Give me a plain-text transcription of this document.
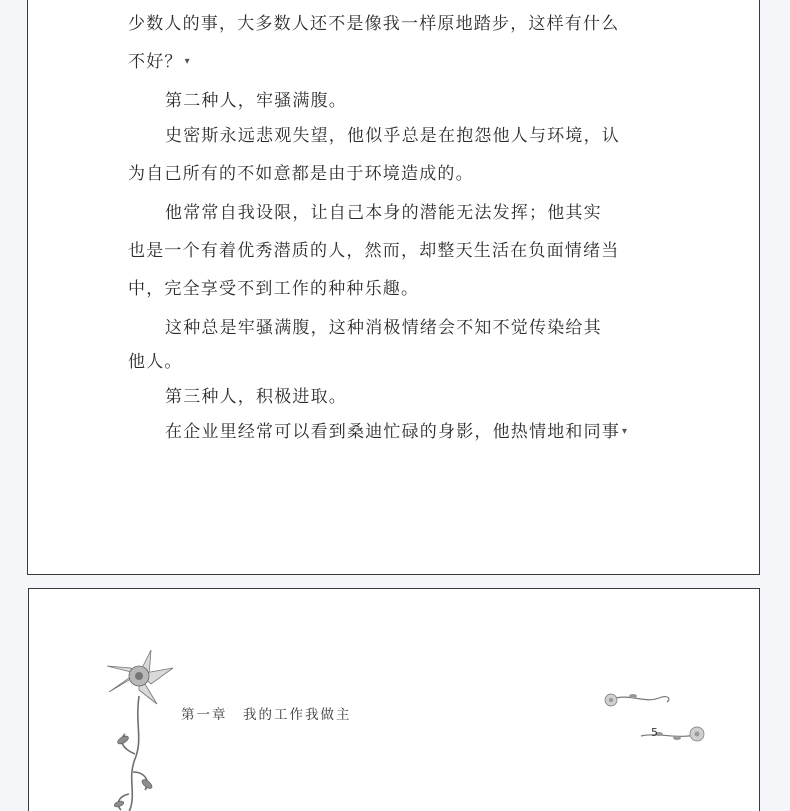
少数人的事，大多数人还不是像我一样原地踏步，这样有什么
不好？ ▾
第二种人，牢骚满腹。
史密斯永远悲观失望，他似乎总是在抱怨他人与环境，认
为自己所有的不如意都是由于环境造成的。
他常常自我设限，让自己本身的潜能无法发挥；他其实
也是一个有着优秀潜质的人，然而，却整天生活在负面情绪当
中，完全享受不到工作的种种乐趣。
这种总是牢骚满腹，这种消极情绪会不知不觉传染给其
他人。
第三种人，积极进取。
在企业里经常可以看到桑迪忙碌的身影，他热情地和同事 ▾
第一章　我的工作我做主
5
